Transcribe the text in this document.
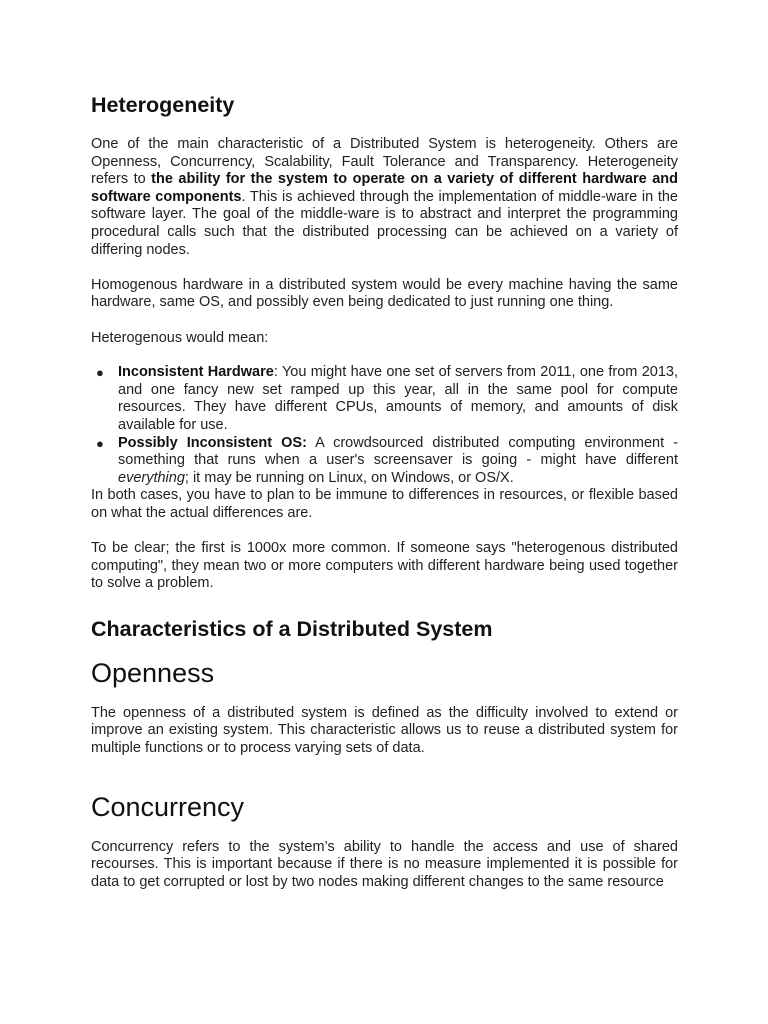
Heterogeneity

One of the main characteristic of a Distributed System is heterogeneity. Others are Openness, Concurrency, Scalability, Fault Tolerance and Transparency. Heterogeneity refers to the ability for the system to operate on a variety of different hardware and software components. This is achieved through the implementation of middle-ware in the software layer. The goal of the middle-ware is to abstract and interpret the programming procedural calls such that the distributed processing can be achieved on a variety of differing nodes.

Homogenous hardware in a distributed system would be every machine having the same hardware, same OS, and possibly even being dedicated to just running one thing.

Heterogenous would mean:

● Inconsistent Hardware: You might have one set of servers from 2011, one from 2013, and one fancy new set ramped up this year, all in the same pool for compute resources. They have different CPUs, amounts of memory, and amounts of disk available for use.
● Possibly Inconsistent OS: A crowdsourced distributed computing environment - something that runs when a user's screensaver is going - might have different everything; it may be running on Linux, on Windows, or OS/X.

In both cases, you have to plan to be immune to differences in resources, or flexible based on what the actual differences are.

To be clear; the first is 1000x more common. If someone says "heterogenous distributed computing", they mean two or more computers with different hardware being used together to solve a problem.

Characteristics of a Distributed System
Openness

The openness of a distributed system is defined as the difficulty involved to extend or improve an existing system. This characteristic allows us to reuse a distributed system for multiple functions or to process varying sets of data.

Concurrency

Concurrency refers to the system’s ability to handle the access and use of shared recourses. This is important because if there is no measure implemented it is possible for data to get corrupted or lost by two nodes making different changes to the same resource
